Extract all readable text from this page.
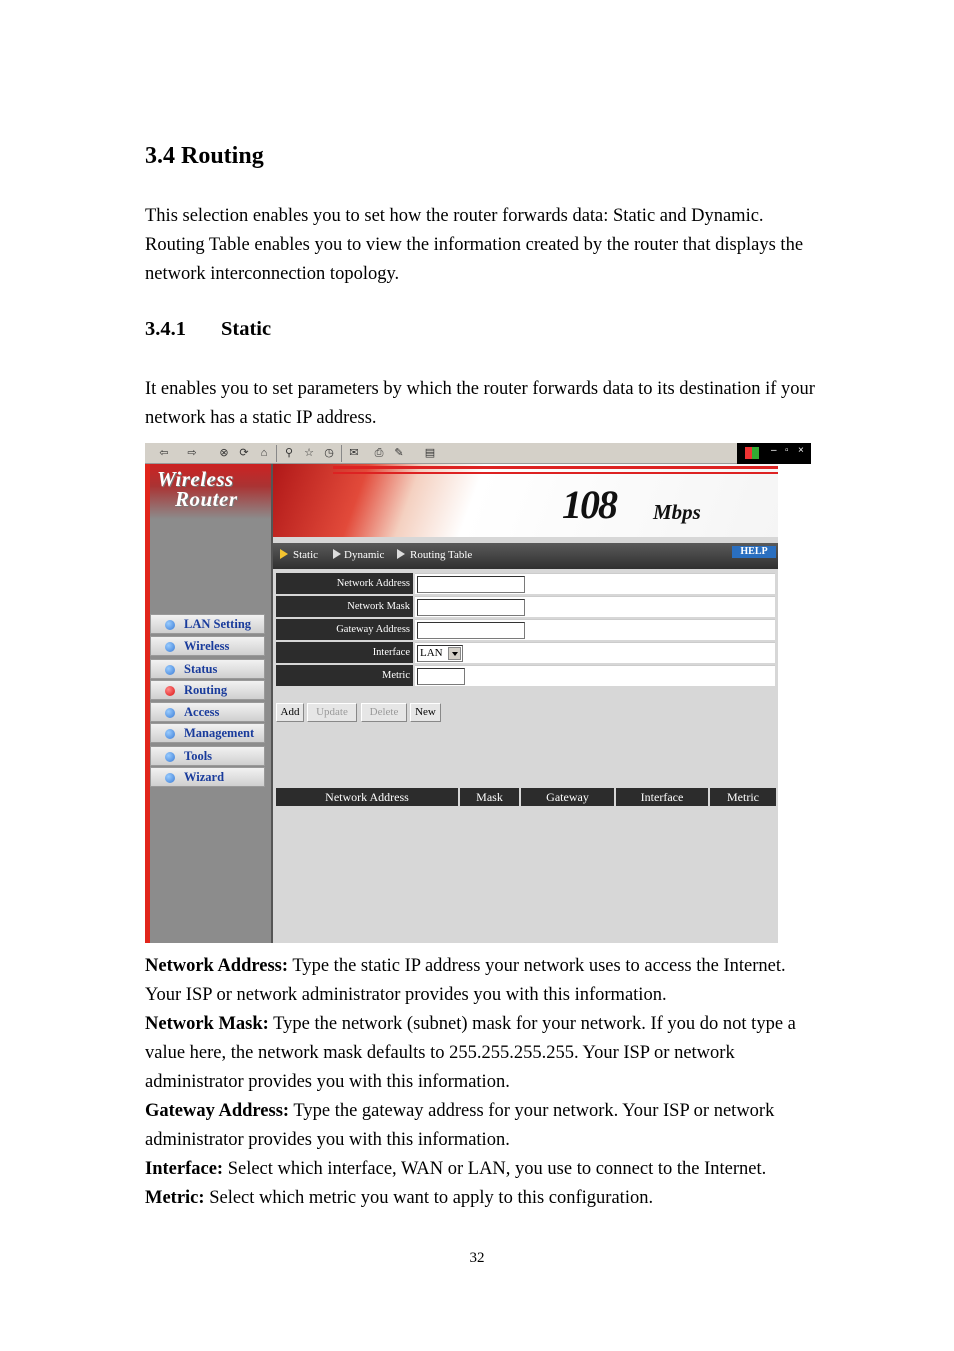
3.4 Routing
This selection enables you to set how the router forwards data: Static and Dynamic. Routing Table enables you to view the information created by the router that displays the network interconnection topology.
3.4.1 Static
It enables you to set parameters by which the router forwards data to its destination if your network has a static IP address.
⇦ ⇨ ⊗ ⟳	⌂	⚲ ☆ ◷ ✉ ⎙ ✎ ▤	– ▫ ×
Wireless
Router	108 Mbps
Static Dynamic Routing Table	HELP
Network Address
Network Mask
Gateway Address
Interface LAN
Metric
Add	Update	Delete	New
Network Address	Mask	Gateway	Interface	Metric
LAN Setting
Wireless
Status
Routing
Access
Management
Tools
Wizard
Network Address: Type the static IP address your network uses to access the Internet. Your ISP or network administrator provides you with this information.
Network Mask: Type the network (subnet) mask for your network. If you do not type a value here, the network mask defaults to 255.255.255.255. Your ISP or network administrator provides you with this information.
Gateway Address: Type the gateway address for your network. Your ISP or network administrator provides you with this information.
Interface: Select which interface, WAN or LAN, you use to connect to the Internet.
Metric: Select which metric you want to apply to this configuration.
32
